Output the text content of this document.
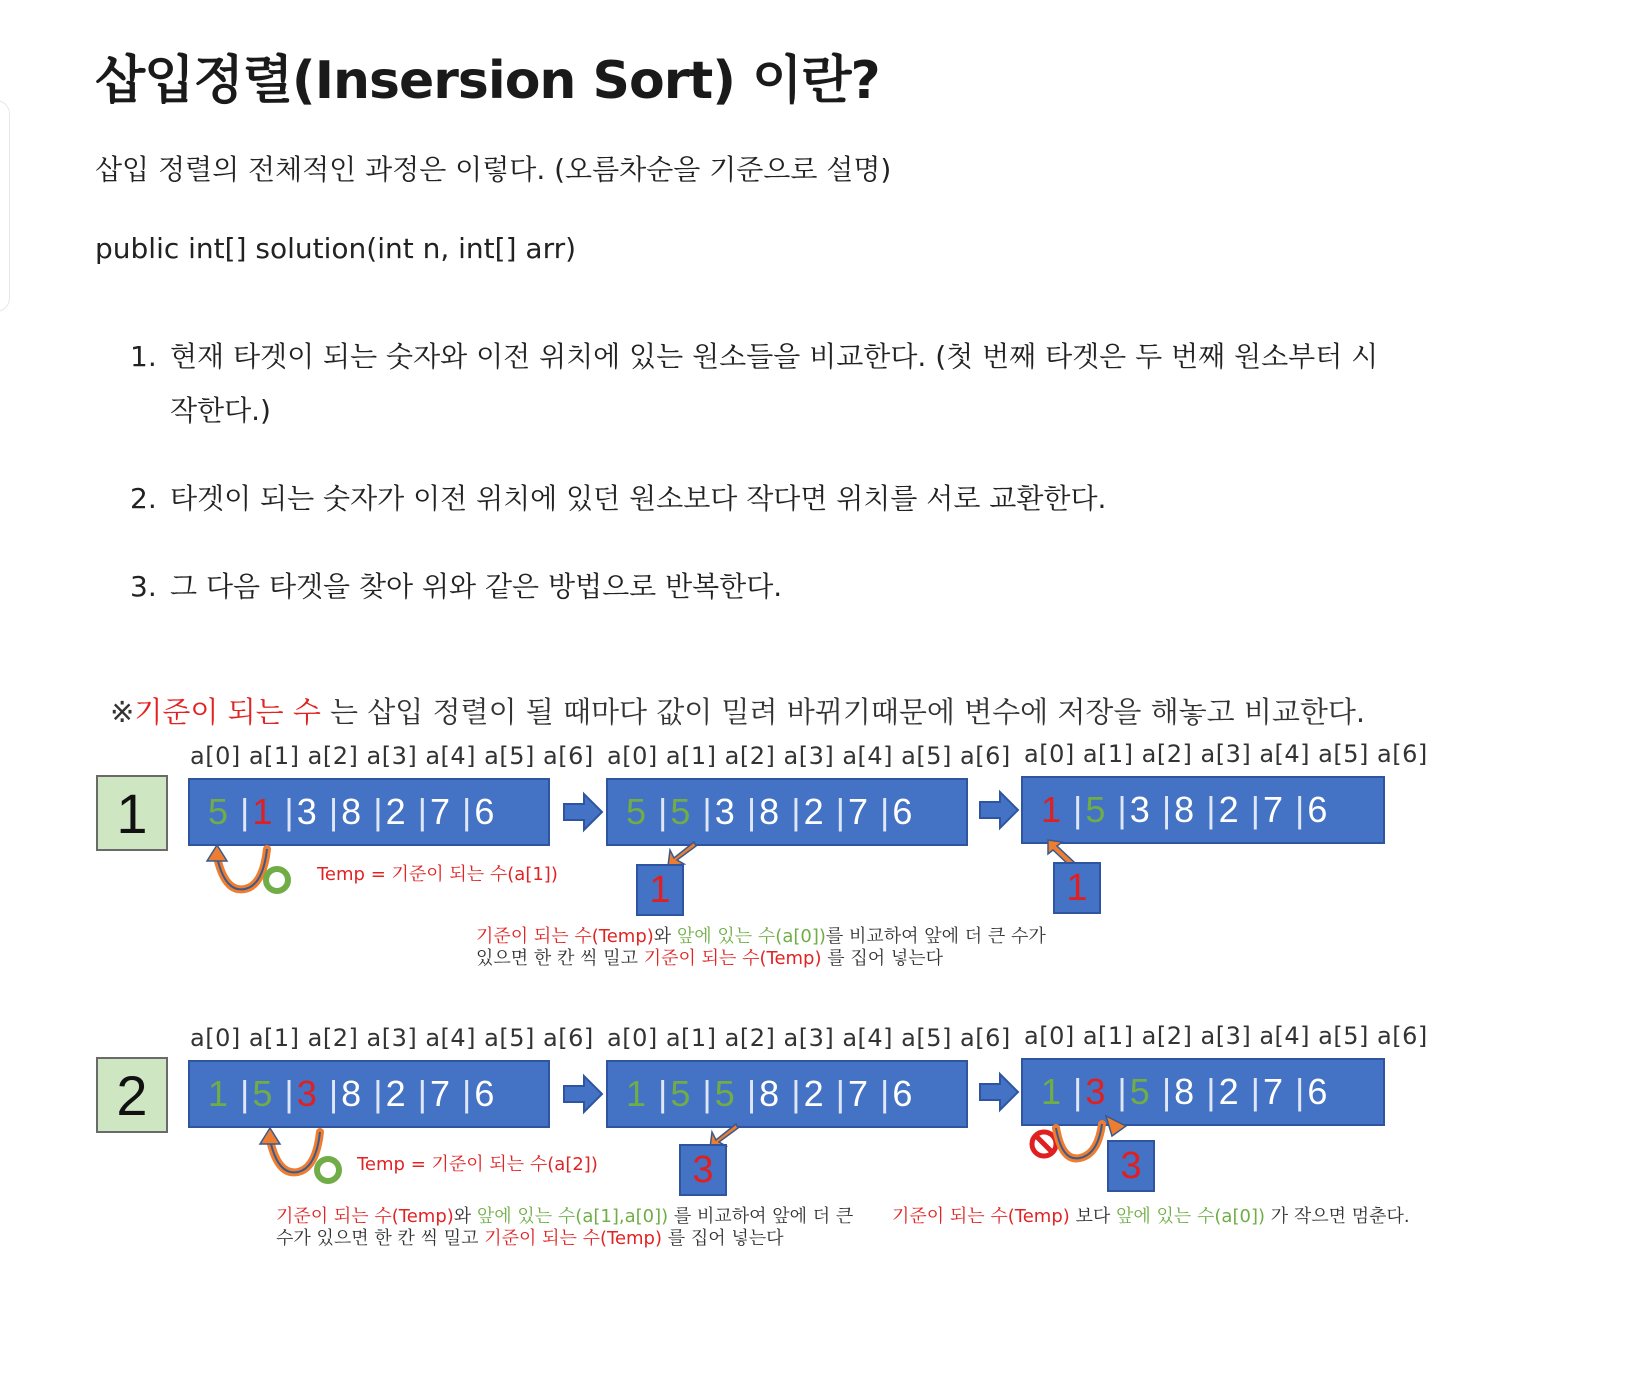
삽입정렬(Insersion Sort) 이란?

삽입 정렬의 전체적인 과정은 이렇다. (오름차순을 기준으로 설명)

public int[] solution(int n, int[] arr)

1. 현재 타겟이 되는 숫자와 이전 위치에 있는 원소들을 비교한다. (첫 번째 타겟은 두 번째 원소부터 시작한다.)
2. 타겟이 되는 숫자가 이전 위치에 있던 원소보다 작다면 위치를 서로 교환한다.
3. 그 다음 타겟을 찾아 위와 같은 방법으로 반복한다.
※기준이 되는 수 는 삽입 정렬이 될 때마다 값이 밀려 바뀌기때문에 변수에 저장을 해놓고 비교한다.
1
a[0] a[1] a[2] a[3] a[4] a[5] a[6] a[0] a[1] a[2] a[3] a[4] a[5] a[6] a[0] a[1] a[2] a[3] a[4] a[5] a[6]
5 | 1 | 3 | 8 | 2 | 7 | 6	5 | 5 | 3 | 8 | 2 | 7 | 6	1 | 5 | 3 | 8 | 2 | 7 | 6
Temp = 기준이 되는 수(a[1])	1	1
기준이 되는 수(Temp)와 앞에 있는 수(a[0])를 비교하여 앞에 더 큰 수가
있으면 한 칸 씩 밀고 기준이 되는 수(Temp) 를 집어 넣는다
2
a[0] a[1] a[2] a[3] a[4] a[5] a[6] a[0] a[1] a[2] a[3] a[4] a[5] a[6] a[0] a[1] a[2] a[3] a[4] a[5] a[6]
1 | 5 | 3 | 8 | 2 | 7 | 6	1 | 5 | 5 | 8 | 2 | 7 | 6	1 | 3 | 5 | 8 | 2 | 7 | 6
Temp = 기준이 되는 수(a[2])	3	3
기준이 되는 수(Temp)와 앞에 있는 수(a[1],a[0]) 를 비교하여 앞에 더 큰
수가 있으면 한 칸 씩 밀고 기준이 되는 수(Temp) 를 집어 넣는다
기준이 되는 수(Temp) 보다 앞에 있는 수(a[0]) 가 작으면 멈춘다.
